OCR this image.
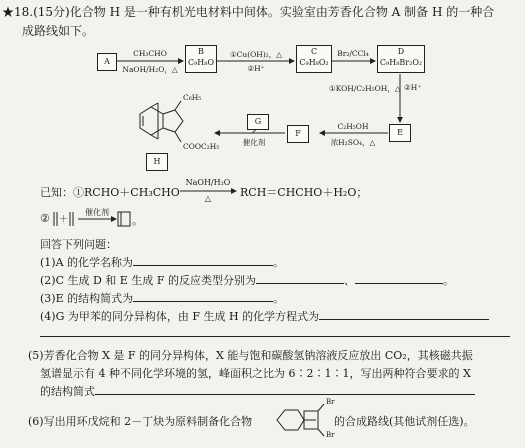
★18.(15分)化合物 H 是一种有机光电材料中间体。实验室由芳香化合物 A 制备 H 的一种合
成路线如下。
A
B
C₉H₈O
C
C₉H₈O₂
D
C₉H₈Br₂O₂
E
F
G
H
CH₃CHO
NaOH/H₂O，△
①Cu(OH)₂，△
②H⁺
Br₂/CCl₄
①KOH/C₂H₅OH，△ ②H⁺
C₂H₅OH
浓H₂SO₄，△
催化剂
C₆H₅
COOC₂H₅
已知：①RCHO＋CH₃CHO
NaOH/H₂O
△	RCH＝CHCHO＋H₂O；
② ＋
催化剂
。
回答下列问题：
(1)A 的化学名称为	。
(2)C 生成 D 和 E 生成 F 的反应类型分别为	、	。
(3)E 的结构简式为	。
(4)G 为甲苯的同分异构体，由 F 生成 H 的化学方程式为
(5)芳香化合物 X 是 F 的同分异构体，X 能与饱和碳酸氢钠溶液反应放出 CO₂，其核磁共振
氢谱显示有 4 种不同化学环境的氢，峰面积之比为 6∶2∶1∶1，写出两种符合要求的 X
的结构简式
(6)写出用环戊烷和 2－丁炔为原料制备化合物
Br
Br
的合成路线(其他试剂任选)。
